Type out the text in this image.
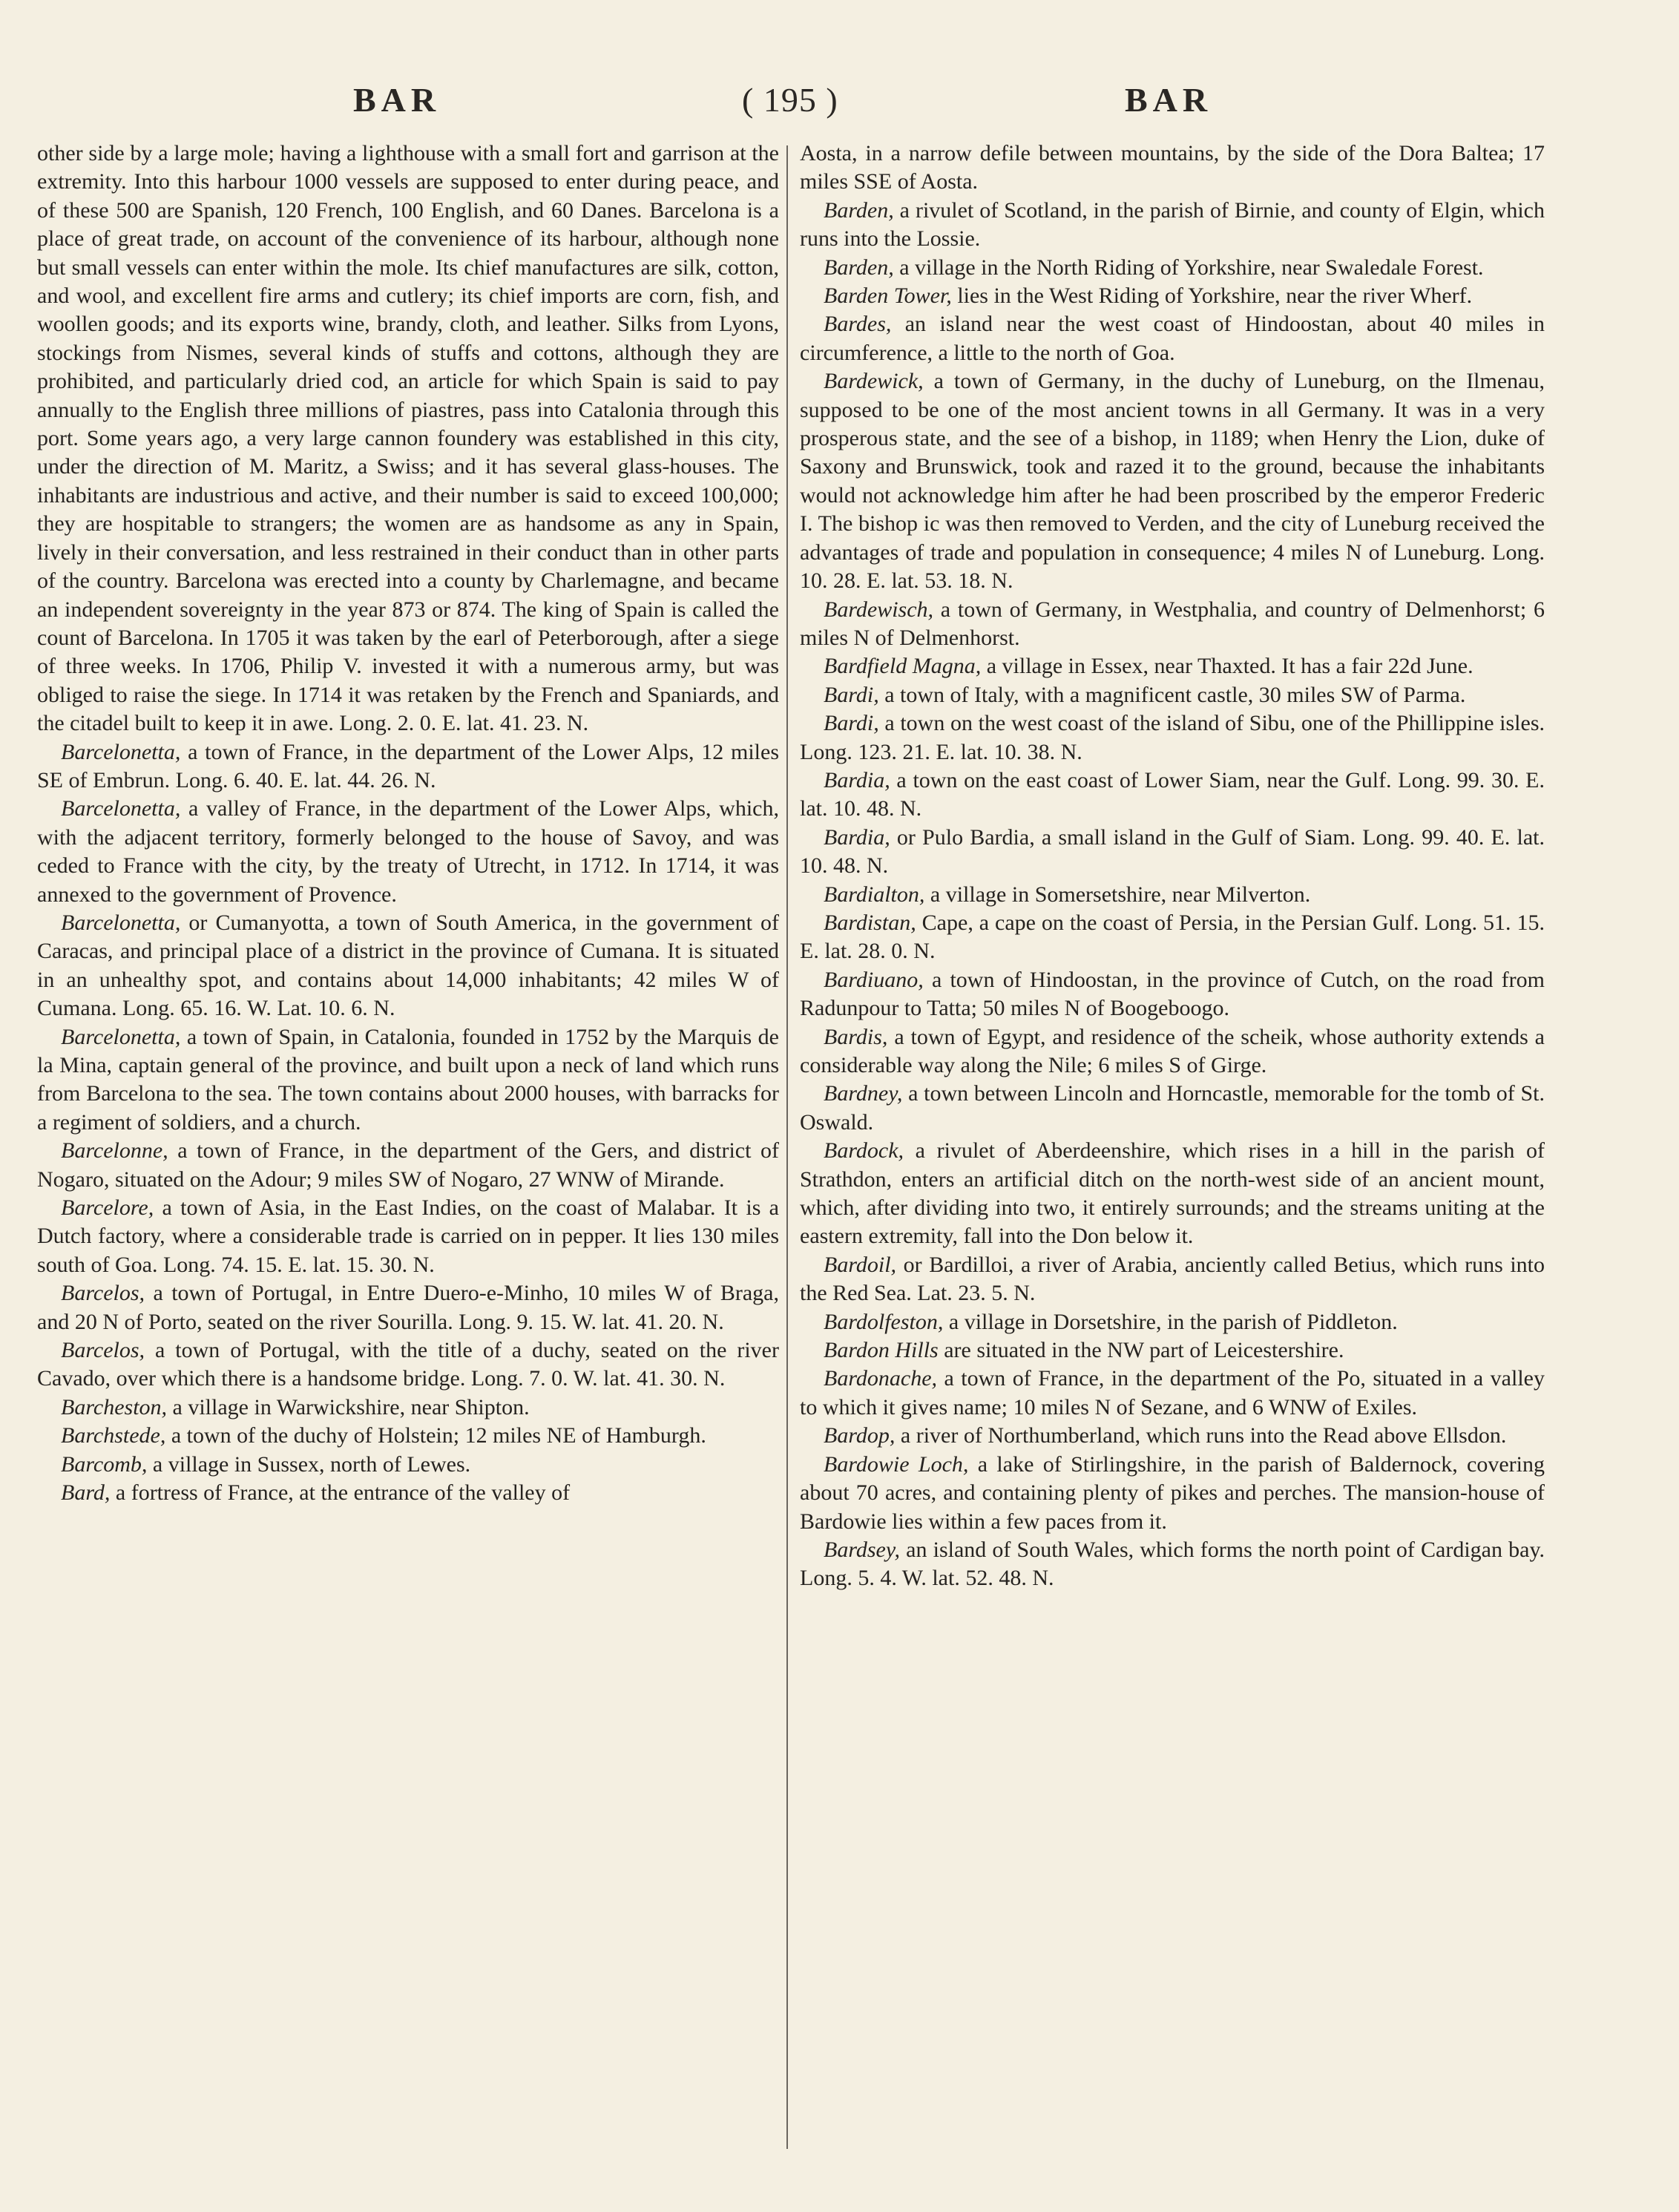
BAR	( 195 )	BAR

other side by a large mole; having a lighthouse with a small fort and garrison at the extremity. Into this harbour 1000 vessels are supposed to enter during peace, and of these 500 are Spanish, 120 French, 100 English, and 60 Danes. Barcelona is a place of great trade, on account of the convenience of its harbour, although none but small vessels can enter within the mole. Its chief manufactures are silk, cotton, and wool, and excellent fire arms and cutlery; its chief imports are corn, fish, and woollen goods; and its exports wine, brandy, cloth, and leather. Silks from Lyons, stockings from Nismes, several kinds of stuffs and cottons, although they are prohibited, and particularly dried cod, an article for which Spain is said to pay annually to the English three millions of piastres, pass into Catalonia through this port. Some years ago, a very large cannon foundery was established in this city, under the direction of M. Maritz, a Swiss; and it has several glass-houses. The inhabitants are industrious and active, and their number is said to exceed 100,000; they are hospitable to strangers; the women are as handsome as any in Spain, lively in their conversation, and less restrained in their conduct than in other parts of the country. Barcelona was erected into a county by Charlemagne, and became an independent sovereignty in the year 873 or 874. The king of Spain is called the count of Barcelona. In 1705 it was taken by the earl of Peterborough, after a siege of three weeks. In 1706, Philip V. invested it with a numerous army, but was obliged to raise the siege. In 1714 it was retaken by the French and Spaniards, and the citadel built to keep it in awe. Long. 2. 0. E. lat. 41. 23. N.

Barcelonetta, a town of France, in the department of the Lower Alps, 12 miles SE of Embrun. Long. 6. 40. E. lat. 44. 26. N.

Barcelonetta, a valley of France, in the department of the Lower Alps, which, with the adjacent territory, formerly belonged to the house of Savoy, and was ceded to France with the city, by the treaty of Utrecht, in 1712. In 1714, it was annexed to the government of Provence.

Barcelonetta, or Cumanyotta, a town of South America, in the government of Caracas, and principal place of a district in the province of Cumana. It is situated in an unhealthy spot, and contains about 14,000 inhabitants; 42 miles W of Cumana. Long. 65. 16. W. Lat. 10. 6. N.

Barcelonetta, a town of Spain, in Catalonia, founded in 1752 by the Marquis de la Mina, captain general of the province, and built upon a neck of land which runs from Barcelona to the sea. The town contains about 2000 houses, with barracks for a regiment of soldiers, and a church.

Barcelonne, a town of France, in the department of the Gers, and district of Nogaro, situated on the Adour; 9 miles SW of Nogaro, 27 WNW of Mirande.

Barcelore, a town of Asia, in the East Indies, on the coast of Malabar. It is a Dutch factory, where a considerable trade is carried on in pepper. It lies 130 miles south of Goa. Long. 74. 15. E. lat. 15. 30. N.

Barcelos, a town of Portugal, in Entre Duero-e-Minho, 10 miles W of Braga, and 20 N of Porto, seated on the river Sourilla. Long. 9. 15. W. lat. 41. 20. N.

Barcelos, a town of Portugal, with the title of a duchy, seated on the river Cavado, over which there is a handsome bridge. Long. 7. 0. W. lat. 41. 30. N.

Barcheston, a village in Warwickshire, near Shipton.

Barchstede, a town of the duchy of Holstein; 12 miles NE of Hamburgh.

Barcomb, a village in Sussex, north of Lewes.

Bard, a fortress of France, at the entrance of the valley of

Aosta, in a narrow defile between mountains, by the side of the Dora Baltea; 17 miles SSE of Aosta.

Barden, a rivulet of Scotland, in the parish of Birnie, and county of Elgin, which runs into the Lossie.

Barden, a village in the North Riding of Yorkshire, near Swaledale Forest.

Barden Tower, lies in the West Riding of Yorkshire, near the river Wherf.

Bardes, an island near the west coast of Hindoostan, about 40 miles in circumference, a little to the north of Goa.

Bardewick, a town of Germany, in the duchy of Luneburg, on the Ilmenau, supposed to be one of the most ancient towns in all Germany. It was in a very prosperous state, and the see of a bishop, in 1189; when Henry the Lion, duke of Saxony and Brunswick, took and razed it to the ground, because the inhabitants would not acknowledge him after he had been proscribed by the emperor Frederic I. The bishop ic was then removed to Verden, and the city of Luneburg received the advantages of trade and population in consequence; 4 miles N of Luneburg. Long. 10. 28. E. lat. 53. 18. N.

Bardewisch, a town of Germany, in Westphalia, and country of Delmenhorst; 6 miles N of Delmenhorst.

Bardfield Magna, a village in Essex, near Thaxted. It has a fair 22d June.

Bardi, a town of Italy, with a magnificent castle, 30 miles SW of Parma.

Bardi, a town on the west coast of the island of Sibu, one of the Phillippine isles. Long. 123. 21. E. lat. 10. 38. N.

Bardia, a town on the east coast of Lower Siam, near the Gulf. Long. 99. 30. E. lat. 10. 48. N.

Bardia, or Pulo Bardia, a small island in the Gulf of Siam. Long. 99. 40. E. lat. 10. 48. N.

Bardialton, a village in Somersetshire, near Milverton.

Bardistan, Cape, a cape on the coast of Persia, in the Persian Gulf. Long. 51. 15. E. lat. 28. 0. N.

Bardiuano, a town of Hindoostan, in the province of Cutch, on the road from Radunpour to Tatta; 50 miles N of Boogeboogo.

Bardis, a town of Egypt, and residence of the scheik, whose authority extends a considerable way along the Nile; 6 miles S of Girge.

Bardney, a town between Lincoln and Horncastle, memorable for the tomb of St. Oswald.

Bardock, a rivulet of Aberdeenshire, which rises in a hill in the parish of Strathdon, enters an artificial ditch on the north-west side of an ancient mount, which, after dividing into two, it entirely surrounds; and the streams uniting at the eastern extremity, fall into the Don below it.

Bardoil, or Bardilloi, a river of Arabia, anciently called Betius, which runs into the Red Sea. Lat. 23. 5. N.

Bardolfeston, a village in Dorsetshire, in the parish of Piddleton.

Bardon Hills are situated in the NW part of Leicestershire.

Bardonache, a town of France, in the department of the Po, situated in a valley to which it gives name; 10 miles N of Sezane, and 6 WNW of Exiles.

Bardop, a river of Northumberland, which runs into the Read above Ellsdon.

Bardowie Loch, a lake of Stirlingshire, in the parish of Baldernock, covering about 70 acres, and containing plenty of pikes and perches. The mansion-house of Bardowie lies within a few paces from it.

Bardsey, an island of South Wales, which forms the north point of Cardigan bay. Long. 5. 4. W. lat. 52. 48. N.
